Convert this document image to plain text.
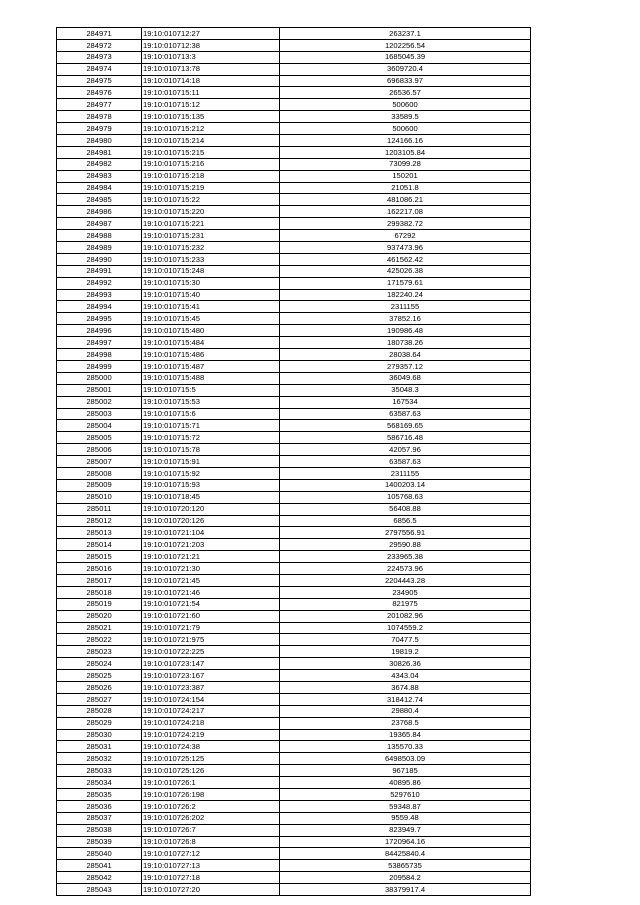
284971	19:10:010712:27	263237.1
284972	19:10:010712:38	1202256.54
284973	19:10:010713:3	1685045.39
284974	19:10:010713:78	3609720.4
284975	19:10:010714:18	696833.97
284976	19:10:010715:11	26536.57
284977	19:10:010715:12	500600
284978	19:10:010715:135	33589.5
284979	19:10:010715:212	500600
284980	19:10:010715:214	124166.16
284981	19:10:010715:215	1203105.84
284982	19:10:010715:216	73099.28
284983	19:10:010715:218	150201
284984	19:10:010715:219	21051.8
284985	19:10:010715:22	481086.21
284986	19:10:010715:220	162217.08
284987	19:10:010715:221	299382.72
284988	19:10:010715:231	67292
284989	19:10:010715:232	937473.96
284990	19:10:010715:233	461562.42
284991	19:10:010715:248	425026.38
284992	19:10:010715:30	171579.61
284993	19:10:010715:40	182240.24
284994	19:10:010715:41	2311155
284995	19:10:010715:45	37852.16
284996	19:10:010715:480	190986.48
284997	19:10:010715:484	180738.26
284998	19:10:010715:486	28038.64
284999	19:10:010715:487	279357.12
285000	19:10:010715:488	36049.68
285001	19:10:010715:5	35048.3
285002	19:10:010715:53	167534
285003	19:10:010715:6	63587.63
285004	19:10:010715:71	568169.65
285005	19:10:010715:72	586716.48
285006	19:10:010715:78	42057.96
285007	19:10:010715:91	63587.63
285008	19:10:010715:92	2311155
285009	19:10:010715:93	1400203.14
285010	19:10:010718:45	105768.63
285011	19:10:010720:120	56408.88
285012	19:10:010720:126	6856.5
285013	19:10:010721:104	2797556.91
285014	19:10:010721:203	29590.88
285015	19:10:010721:21	233965.38
285016	19:10:010721:30	224573.96
285017	19:10:010721:45	2204443.28
285018	19:10:010721:46	234905
285019	19:10:010721:54	821975
285020	19:10:010721:60	201082.96
285021	19:10:010721:79	1074559.2
285022	19:10:010721:975	70477.5
285023	19:10:010722:225	19819.2
285024	19:10:010723:147	30826.36
285025	19:10:010723:167	4343.04
285026	19:10:010723:387	3674.88
285027	19:10:010724:154	318412.74
285028	19:10:010724:217	29880.4
285029	19:10:010724:218	23768.5
285030	19:10:010724:219	19365.84
285031	19:10:010724:38	135570.33
285032	19:10:010725:125	6498503.09
285033	19:10:010725:126	967185
285034	19:10:010726:1	40895.86
285035	19:10:010726:198	5297610
285036	19:10:010726:2	59348.87
285037	19:10:010726:202	9559.48
285038	19:10:010726:7	823949.7
285039	19:10:010726:8	1720964.16
285040	19:10:010727:12	84425840.4
285041	19:10:010727:13	53865735
285042	19:10:010727:18	209584.2
285043	19:10:010727:20	38379917.4
